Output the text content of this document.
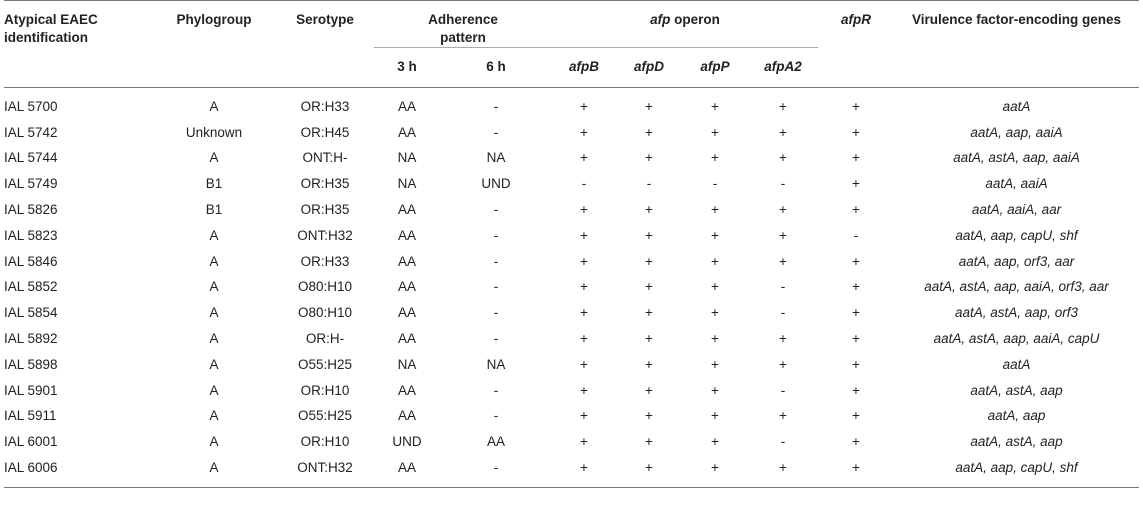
Atypical EAEC identification	Phylogroup	Serotype	Adherence pattern		afp operon				afpR	Virulence factor-encoding genes
			3 h	6 h	afpB	afpD	afpP	afpA2		
IAL 5700	A	OR:H33	AA	-	+	+	+	+	+	aatA
IAL 5742	Unknown	OR:H45	AA	-	+	+	+	+	+	aatA, aap, aaiA
IAL 5744	A	ONT:H-	NA	NA	+	+	+	+	+	aatA, astA, aap, aaiA
IAL 5749	B1	OR:H35	NA	UND	-	-	-	-	+	aatA, aaiA
IAL 5826	B1	OR:H35	AA	-	+	+	+	+	+	aatA, aaiA, aar
IAL 5823	A	ONT:H32	AA	-	+	+	+	+	-	aatA, aap, capU, shf
IAL 5846	A	OR:H33	AA	-	+	+	+	+	+	aatA, aap, orf3, aar
IAL 5852	A	O80:H10	AA	-	+	+	+	-	+	aatA, astA, aap, aaiA, orf3, aar
IAL 5854	A	O80:H10	AA	-	+	+	+	-	+	aatA, astA, aap, orf3
IAL 5892	A	OR:H-	AA	-	+	+	+	+	+	aatA, astA, aap, aaiA, capU
IAL 5898	A	O55:H25	NA	NA	+	+	+	+	+	aatA
IAL 5901	A	OR:H10	AA	-	+	+	+	-	+	aatA, astA, aap
IAL 5911	A	O55:H25	AA	-	+	+	+	+	+	aatA, aap
IAL 6001	A	OR:H10	UND	AA	+	+	+	-	+	aatA, astA, aap
IAL 6006	A	ONT:H32	AA	-	+	+	+	+	+	aatA, aap, capU, shf
